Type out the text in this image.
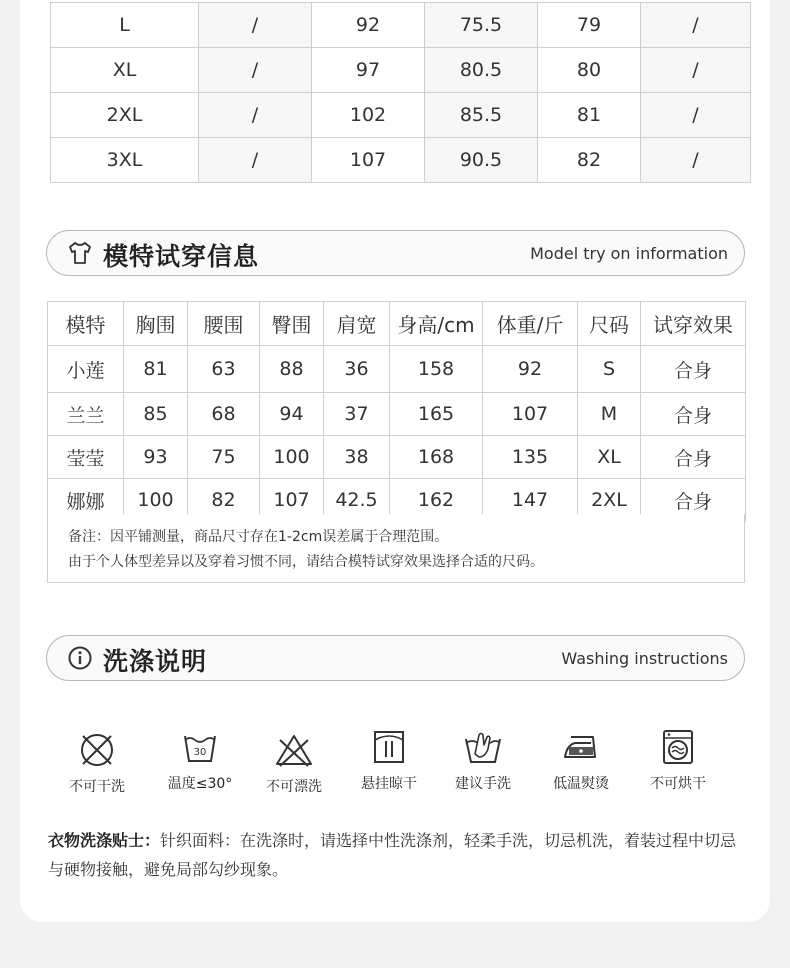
L	/	92	75.5	79	/
XL	/	97	80.5	80	/
2XL	/	102	85.5	81	/
3XL	/	107	90.5	82	/
模特试穿信息	Model try on information
模特	胸围	腰围	臀围	肩宽	身高/cm	体重/斤	尺码	试穿效果
小莲	81	63	88	36	158	92	S	合身
兰兰	85	68	94	37	165	107	M	合身
莹莹	93	75	100	38	168	135	XL	合身
娜娜	100	82	107	42.5	162	147	2XL	合身
备注：因平铺测量，商品尺寸存在1-2cm误差属于合理范围。
由于个人体型差异以及穿着习惯不同，请结合模特试穿效果选择合适的尺码。
洗涤说明	Washing instructions
不可干洗
30
温度≤30°	不可漂洗	悬挂晾干	建议手洗	低温熨烫	不可烘干
衣物洗涤贴士：针织面料：在洗涤时，请选择中性洗涤剂，轻柔手洗，切忌机洗，着装过程中切忌与硬物接触，避免局部勾纱现象。
